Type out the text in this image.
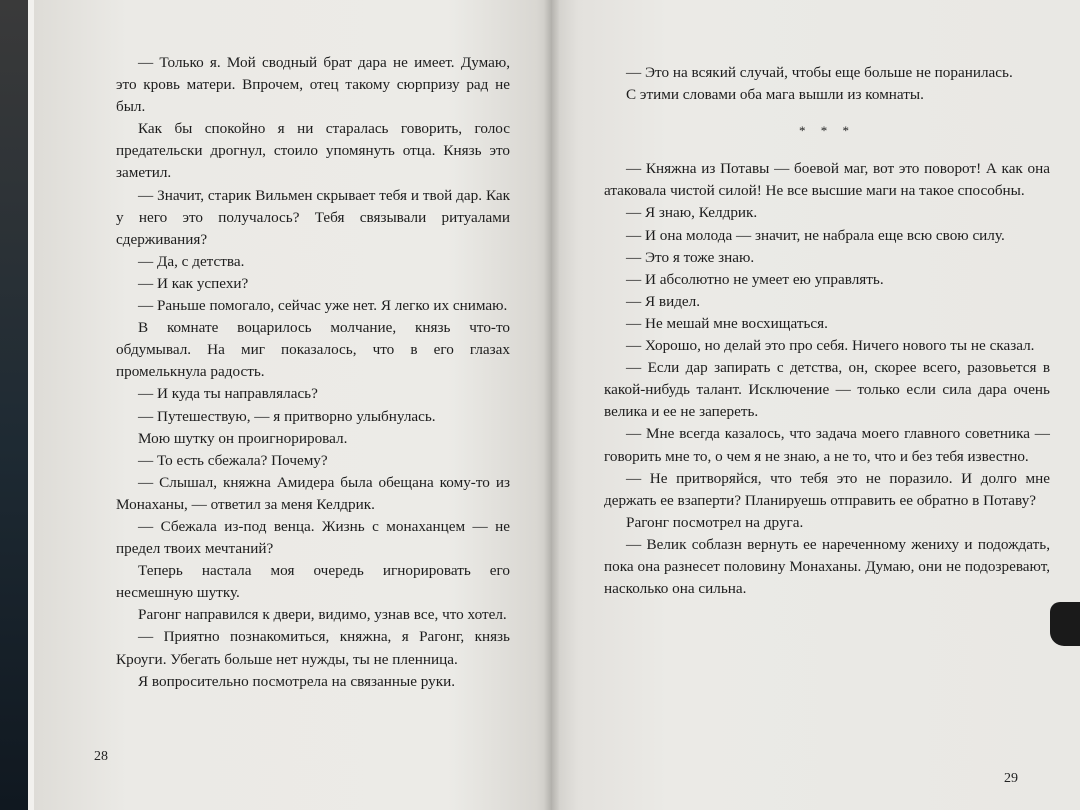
— Только я. Мой сводный брат дара не имеет. Думаю, это кровь матери. Впрочем, отец такому сюрпризу рад не был.

Как бы спокойно я ни старалась говорить, голос предательски дрогнул, стоило упомянуть отца. Князь это заметил.

— Значит, старик Вильмен скрывает тебя и твой дар. Как у него это получалось? Тебя связывали ритуалами сдерживания?

— Да, с детства.

— И как успехи?

— Раньше помогало, сейчас уже нет. Я легко их снимаю.

В комнате воцарилось молчание, князь что-то обдумывал. На миг показалось, что в его глазах промелькнула радость.

— И куда ты направлялась?

— Путешествую, — я притворно улыбнулась.

Мою шутку он проигнорировал.

— То есть сбежала? Почему?

— Слышал, княжна Амидера была обещана кому-то из Монаханы, — ответил за меня Келдрик.

— Сбежала из-под венца. Жизнь с монаханцем — не предел твоих мечтаний?

Теперь настала моя очередь игнорировать его несмешную шутку.

Рагонг направился к двери, видимо, узнав все, что хотел.

— Приятно познакомиться, княжна, я Рагонг, князь Кроуги. Убегать больше нет нужды, ты не пленница.

Я вопросительно посмотрела на связанные руки.

28

— Это на всякий случай, чтобы еще больше не поранилась.

С этими словами оба мага вышли из комнаты.

* * *

— Княжна из Потавы — боевой маг, вот это поворот! А как она атаковала чистой силой! Не все высшие маги на такое способны.

— Я знаю, Келдрик.

— И она молода — значит, не набрала еще всю свою силу.

— Это я тоже знаю.

— И абсолютно не умеет ею управлять.

— Я видел.

— Не мешай мне восхищаться.

— Хорошо, но делай это про себя. Ничего нового ты не сказал.

— Если дар запирать с детства, он, скорее всего, разовьется в какой-нибудь талант. Исключение — только если сила дара очень велика и ее не запереть.

— Мне всегда казалось, что задача моего главного советника —говорить мне то, о чем я не знаю, а не то, что и без тебя известно.

— Не притворяйся, что тебя это не поразило. И долго мне держать ее взаперти? Планируешь отправить ее обратно в Потаву?

Рагонг посмотрел на друга.

— Велик соблазн вернуть ее нареченному жениху и подождать, пока она разнесет половину Монаханы. Думаю, они не подозревают, насколько она сильна.

29
